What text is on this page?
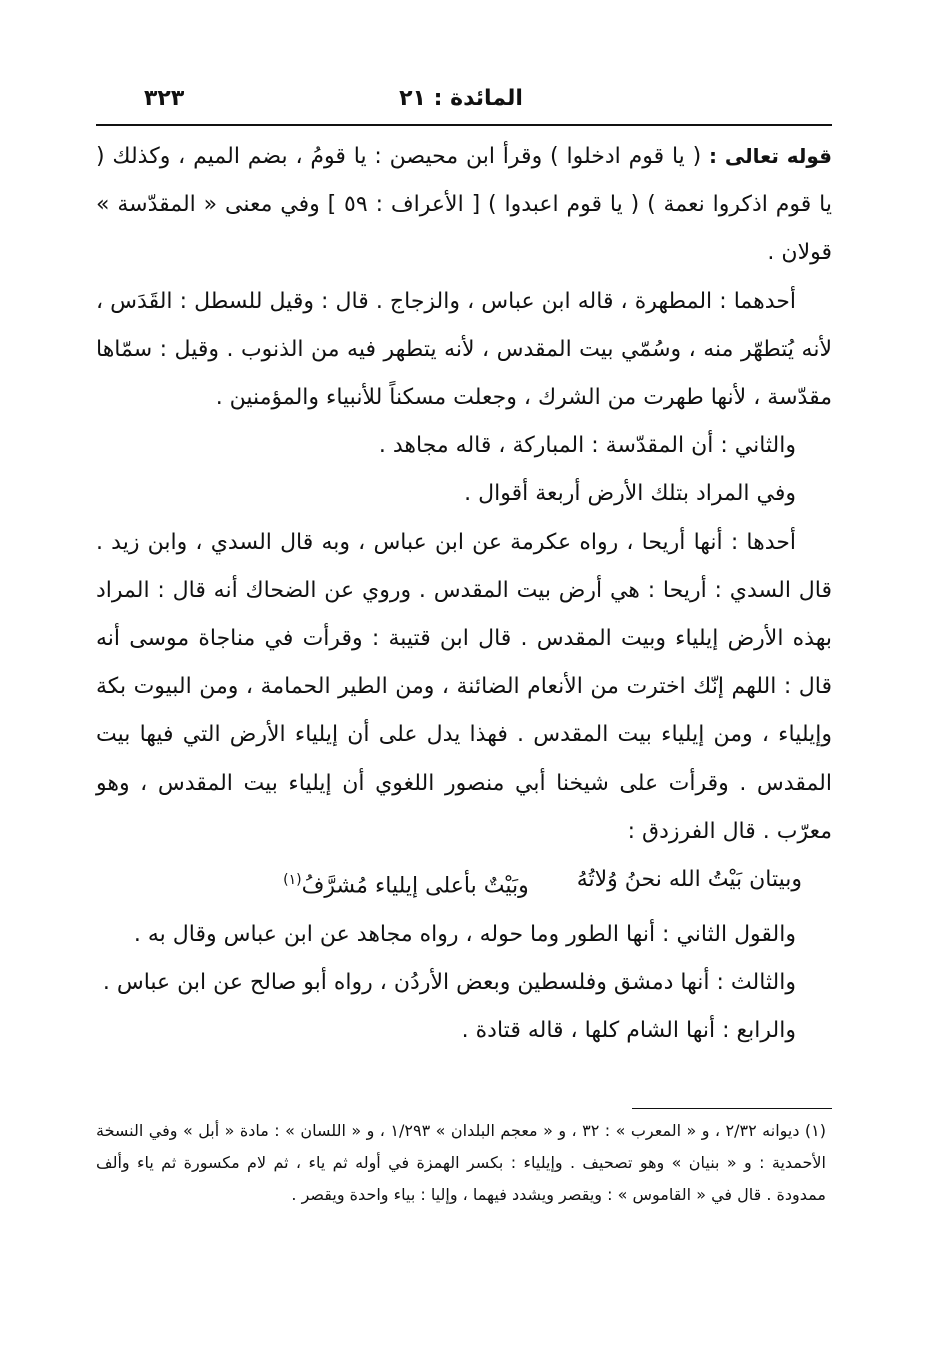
المائدة : ٢١
٣٢٣

قوله تعالى : ( يا قوم ادخلوا ) وقرأ ابن محيصن : يا قومُ ، بضم الميم ، وكذلك ( يا قوم اذكروا نعمة ) ( يا قوم اعبدوا ) [ الأعراف : ٥٩ ] وفي معنى « المقدّسة » قولان .

أحدهما : المطهرة ، قاله ابن عباس ، والزجاج . قال : وقيل للسطل : القَدَس ، لأنه يُتطهّر منه ، وسُمّي بيت المقدس ، لأنه يتطهر فيه من الذنوب . وقيل : سمّاها مقدّسة ، لأنها طهرت من الشرك ، وجعلت مسكناً للأنبياء والمؤمنين .

والثاني : أن المقدّسة : المباركة ، قاله مجاهد .

وفي المراد بتلك الأرض أربعة أقوال .

أحدها : أنها أريحا ، رواه عكرمة عن ابن عباس ، وبه قال السدي ، وابن زيد . قال السدي : أريحا : هي أرض بيت المقدس . وروي عن الضحاك أنه قال : المراد بهذه الأرض إيلياء وبيت المقدس . قال ابن قتيبة : وقرأت في مناجاة موسى أنه قال : اللهم إنّك اخترت من الأنعام الضائنة ، ومن الطير الحمامة ، ومن البيوت بكة وإيلياء ، ومن إيلياء بيت المقدس . فهذا يدل على أن إيلياء الأرض التي فيها بيت المقدس . وقرأت على شيخنا أبي منصور اللغوي أن إيلياء بيت المقدس ، وهو معرّب . قال الفرزدق :

وبيتان بَيْتُ الله نحنُ وُلاتُهُ
وبَيْتٌ بأعلى إيلياء مُشرَّفُ$^{(١)}$

والقول الثاني : أنها الطور وما حوله ، رواه مجاهد عن ابن عباس وقال به .

والثالث : أنها دمشق وفلسطين وبعض الأردُن ، رواه أبو صالح عن ابن عباس .

والرابع : أنها الشام كلها ، قاله قتادة .

(١) ديوانه ٢/٣٢ ، و « المعرب » : ٣٢ ، و « معجم البلدان » ١/٢٩٣ ، و « اللسان » : مادة « أبل » وفي النسخة الأحمدية : و « بنيان » وهو تصحيف . وإيلياء : بكسر الهمزة في أوله ثم ياء ، ثم لام مكسورة ثم ياء وألف ممدودة . قال في « القاموس » : ويقصر ويشدد فيهما ، وإليا : بياء واحدة ويقصر .
